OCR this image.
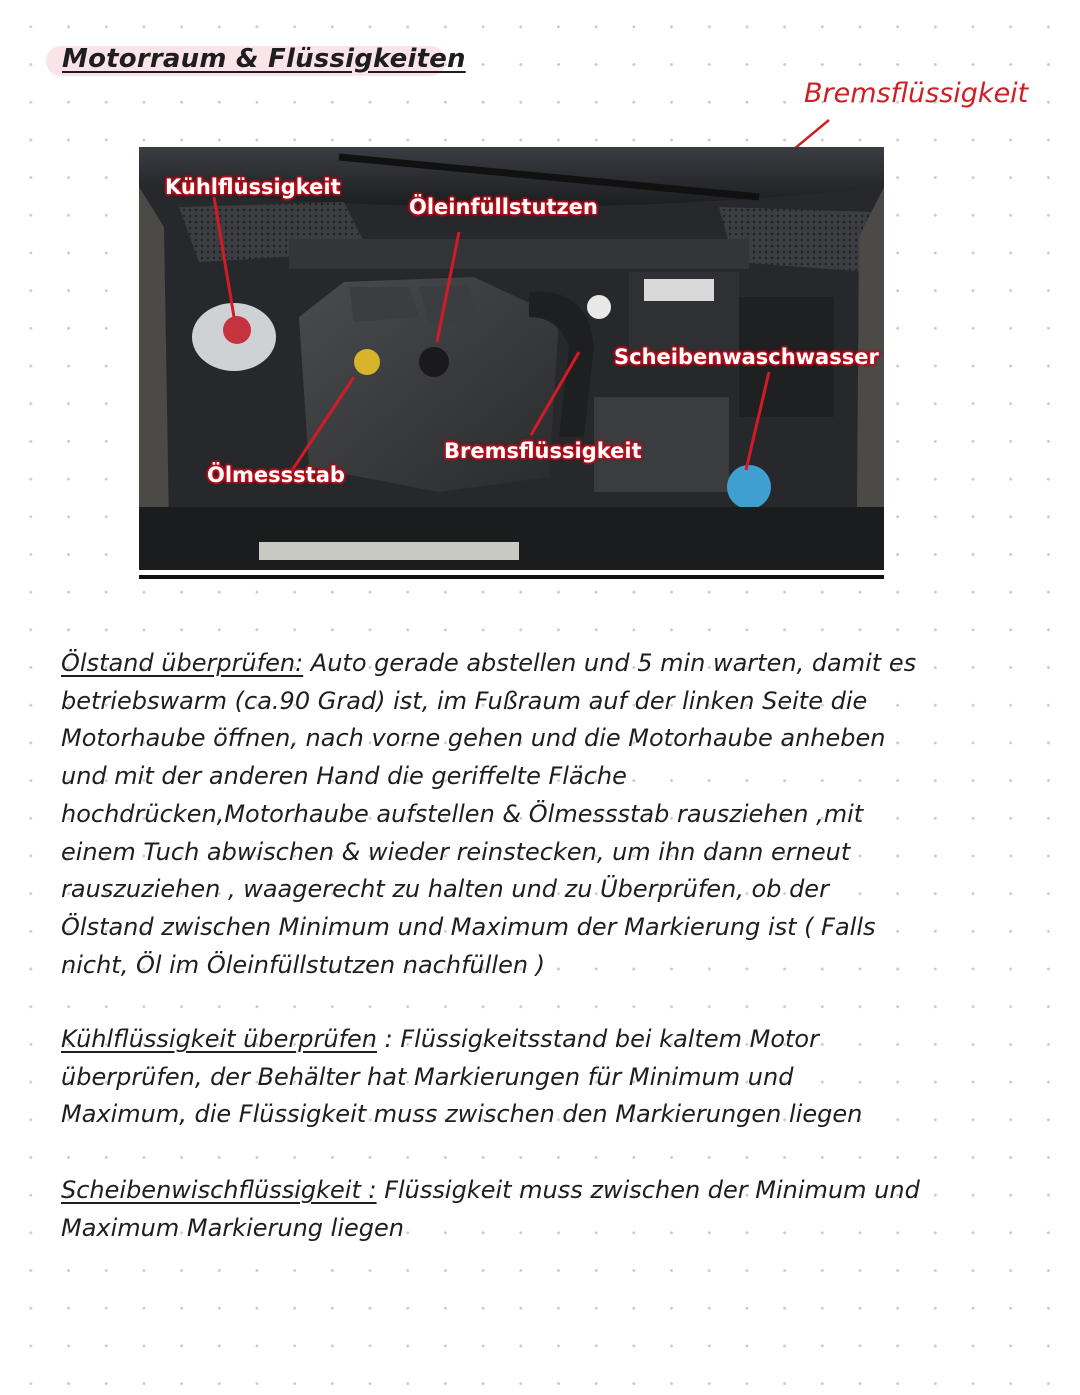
Motorraum & Flüssigkeiten
Bremsflüssigkeit
Kühlflüssigkeit
Öleinfüllstutzen
Scheibenwaschwasser
Bremsflüssigkeit
Ölmessstab
Ölstand überprüfen: Auto gerade abstellen und 5 min warten, damit es
betriebswarm (ca.90 Grad) ist, im Fußraum auf der linken Seite die
Motorhaube öffnen, nach vorne gehen und die Motorhaube anheben
und mit der anderen Hand die geriffelte Fläche
hochdrücken,Motorhaube aufstellen & Ölmessstab rausziehen ,mit
einem Tuch abwischen & wieder reinstecken, um ihn dann erneut
rauszuziehen , waagerecht zu halten und zu Überprüfen, ob der
Ölstand zwischen Minimum und Maximum der Markierung ist ( Falls
nicht, Öl im Öleinfüllstutzen nachfüllen )
Kühlflüssigkeit überprüfen : Flüssigkeitsstand bei kaltem Motor
überprüfen, der Behälter hat Markierungen für Minimum und
Maximum, die Flüssigkeit muss zwischen den Markierungen liegen
Scheibenwischflüssigkeit : Flüssigkeit muss zwischen der Minimum und
Maximum Markierung liegen
